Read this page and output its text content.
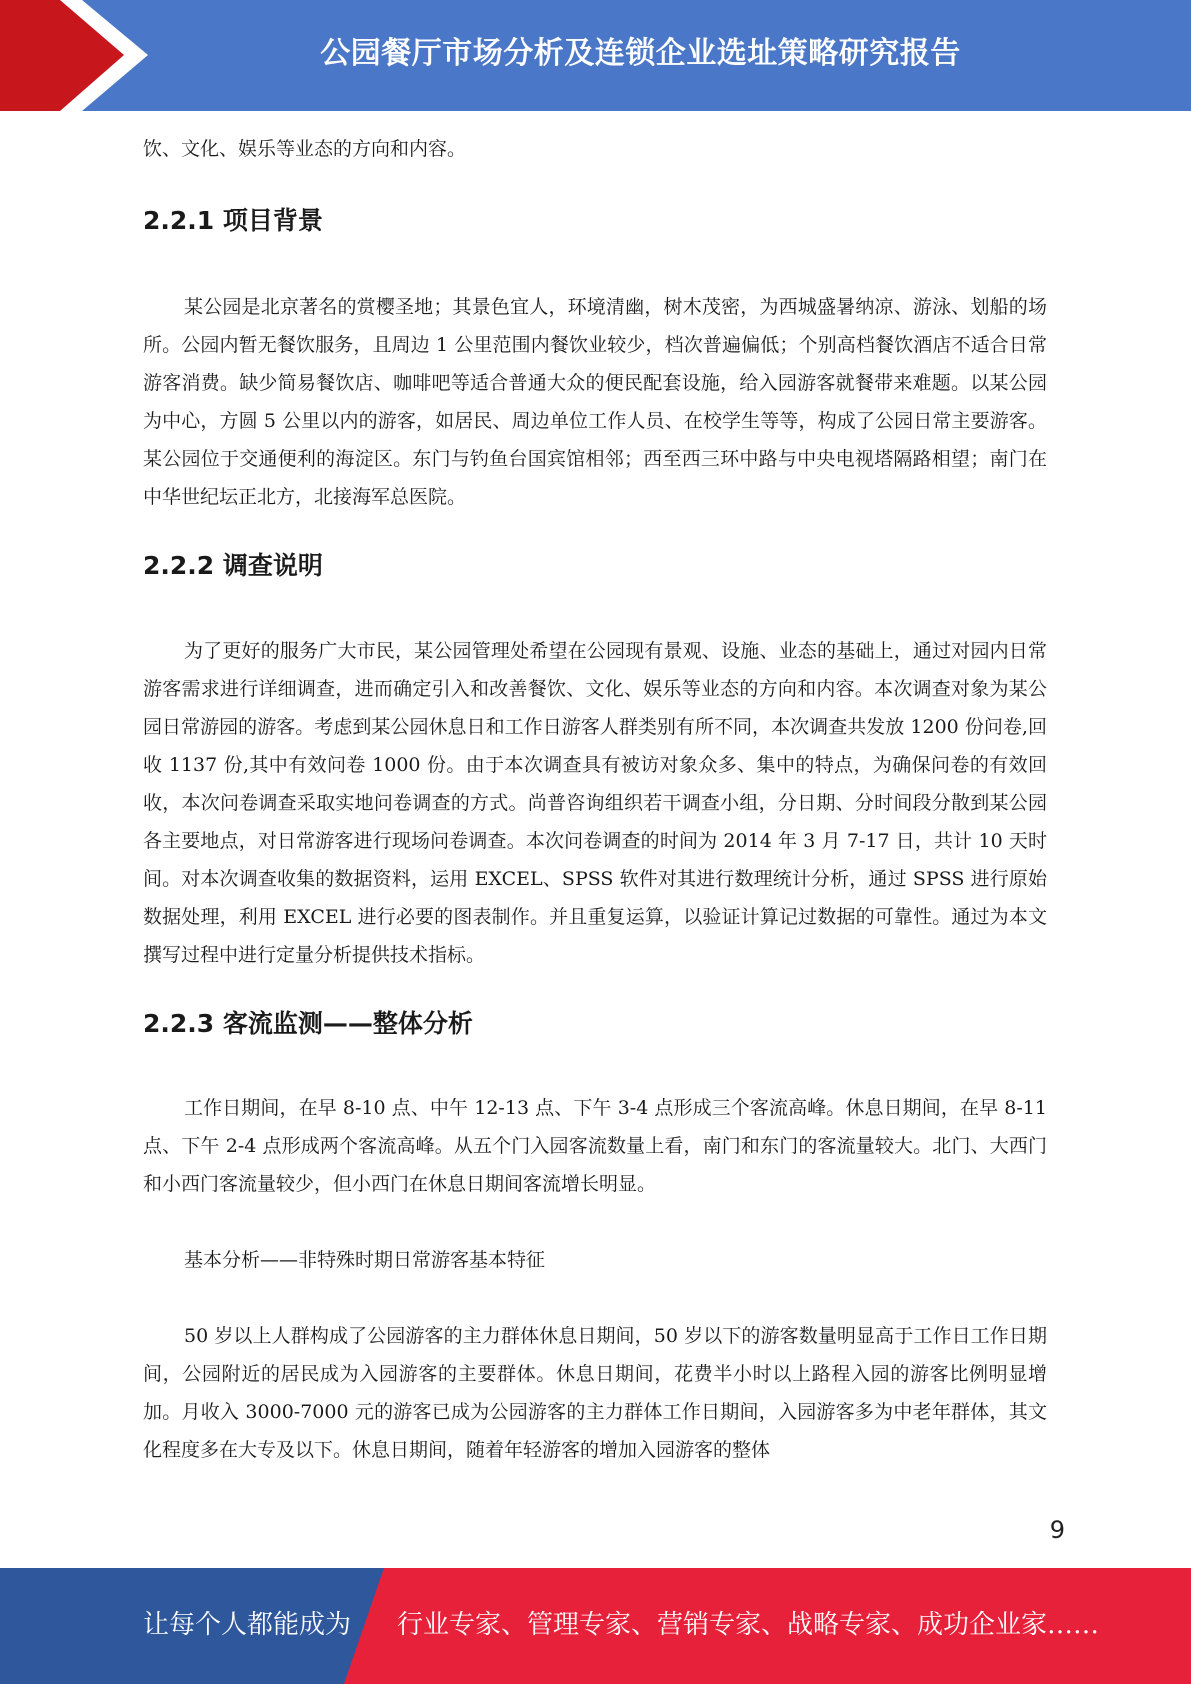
公园餐厅市场分析及连锁企业选址策略研究报告

饮、文化、娱乐等业态的方向和内容。

2.2.1 项目背景

某公园是北京著名的赏樱圣地；其景色宜人，环境清幽，树木茂密，为西城盛暑纳凉、游泳、划船的场所。公园内暂无餐饮服务，且周边 1 公里范围内餐饮业较少，档次普遍偏低；个别高档餐饮酒店不适合日常游客消费。缺少简易餐饮店、咖啡吧等适合普通大众的便民配套设施，给入园游客就餐带来难题。以某公园为中心，方圆 5 公里以内的游客，如居民、周边单位工作人员、在校学生等等，构成了公园日常主要游客。某公园位于交通便利的海淀区。东门与钓鱼台国宾馆相邻；西至西三环中路与中央电视塔隔路相望；南门在中华世纪坛正北方，北接海军总医院。

2.2.2 调查说明

为了更好的服务广大市民，某公园管理处希望在公园现有景观、设施、业态的基础上，通过对园内日常游客需求进行详细调查，进而确定引入和改善餐饮、文化、娱乐等业态的方向和内容。本次调查对象为某公园日常游园的游客。考虑到某公园休息日和工作日游客人群类别有所不同，本次调查共发放 1200 份问卷,回收 1137 份,其中有效问卷 1000 份。由于本次调查具有被访对象众多、集中的特点，为确保问卷的有效回收，本次问卷调查采取实地问卷调查的方式。尚普咨询组织若干调查小组，分日期、分时间段分散到某公园各主要地点，对日常游客进行现场问卷调查。本次问卷调查的时间为 2014 年 3 月 7-17 日，共计 10 天时间。对本次调查收集的数据资料，运用 EXCEL、SPSS 软件对其进行数理统计分析，通过 SPSS 进行原始数据处理，利用 EXCEL 进行必要的图表制作。并且重复运算，以验证计算记过数据的可靠性。通过为本文撰写过程中进行定量分析提供技术指标。

2.2.3 客流监测——整体分析

工作日期间，在早 8-10 点、中午 12-13 点、下午 3-4 点形成三个客流高峰。休息日期间，在早 8-11 点、下午 2-4 点形成两个客流高峰。从五个门入园客流数量上看，南门和东门的客流量较大。北门、大西门和小西门客流量较少，但小西门在休息日期间客流增长明显。

基本分析——非特殊时期日常游客基本特征

50 岁以上人群构成了公园游客的主力群体休息日期间，50 岁以下的游客数量明显高于工作日工作日期间，公园附近的居民成为入园游客的主要群体。休息日期间，花费半小时以上路程入园的游客比例明显增加。月收入 3000-7000 元的游客已成为公园游客的主力群体工作日期间，入园游客多为中老年群体，其文化程度多在大专及以下。休息日期间，随着年轻游客的增加入园游客的整体

9
让每个人都能成为 行业专家、管理专家、营销专家、战略专家、成功企业家……
